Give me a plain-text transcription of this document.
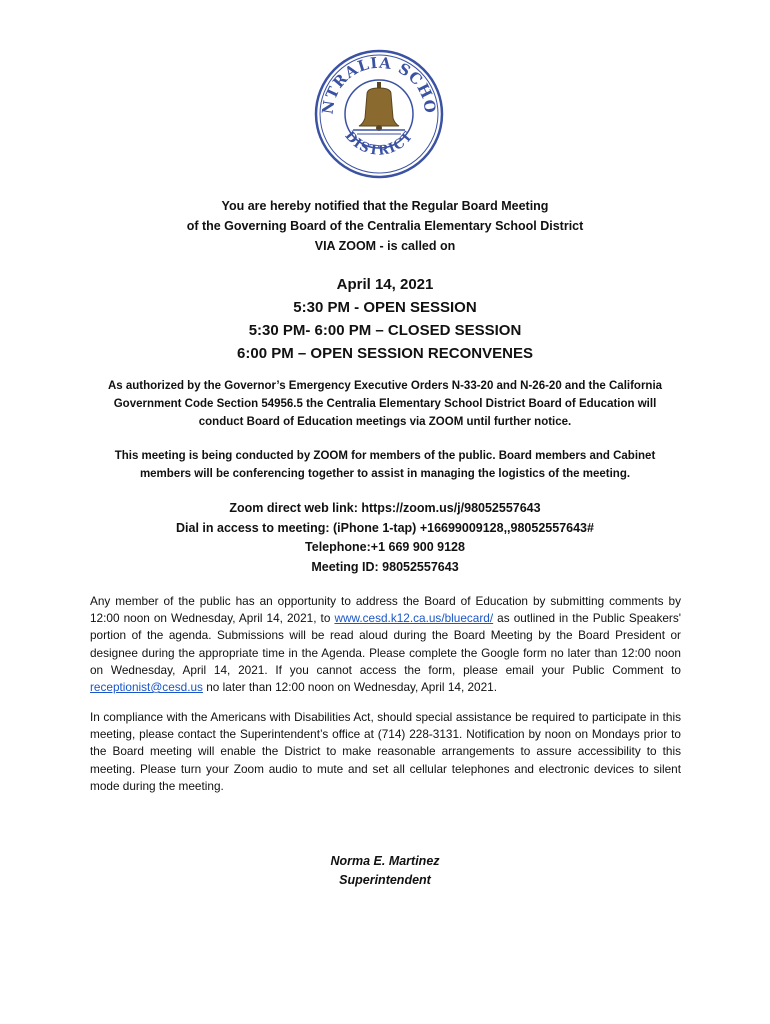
NTRALIA SCHO
DISTRICT
You are hereby notified that the Regular Board Meeting
of the Governing Board of the Centralia Elementary School District
VIA ZOOM - is called on
April 14, 2021
5:30 PM - OPEN SESSION
5:30 PM- 6:00 PM – CLOSED SESSION
6:00 PM – OPEN SESSION RECONVENES
As authorized by the Governor’s Emergency Executive Orders N-33-20 and N-26-20 and the California
Government Code Section 54956.5 the Centralia Elementary School District Board of Education will
conduct Board of Education meetings via ZOOM until further notice.
This meeting is being conducted by ZOOM for members of the public. Board members and Cabinet
members will be conferencing together to assist in managing the logistics of the meeting.
Zoom direct web link: https://zoom.us/j/98052557643
Dial in access to meeting: (iPhone 1-tap) +16699009128,,98052557643#
Telephone:+1 669 900 9128
Meeting ID: 98052557643
Any member of the public has an opportunity to address the Board of Education by submitting comments by 12:00 noon on Wednesday, April 14, 2021, to www.cesd.k12.ca.us/bluecard/ as outlined in the Public Speakers' portion of the agenda. Submissions will be read aloud during the Board Meeting by the Board President or designee during the appropriate time in the Agenda. Please complete the Google form no later than 12:00 noon on Wednesday, April 14, 2021. If you cannot access the form, please email your Public Comment to receptionist@cesd.us no later than 12:00 noon on Wednesday, April 14, 2021.
In compliance with the Americans with Disabilities Act, should special assistance be required to participate in this meeting, please contact the Superintendent’s office at (714) 228-3131. Notification by noon on Mondays prior to the Board meeting will enable the District to make reasonable arrangements to assure accessibility to this meeting. Please turn your Zoom audio to mute and set all cellular telephones and electronic devices to silent mode during the meeting.
Norma E. Martinez
Superintendent
